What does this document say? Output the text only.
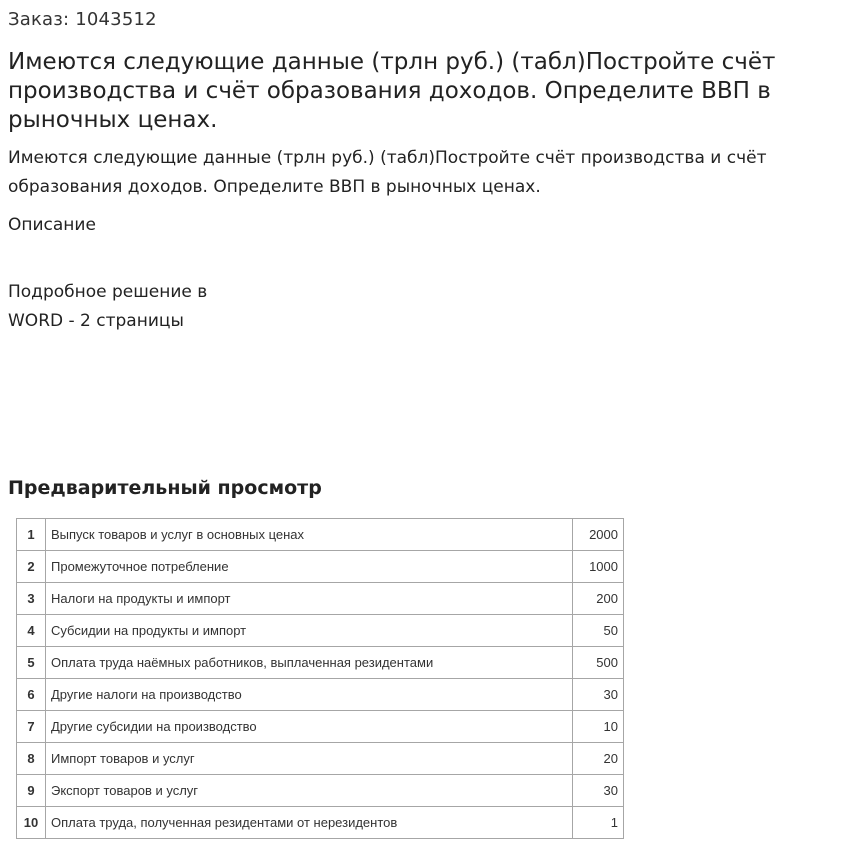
Заказ: 1043512
Имеются следующие данные (трлн руб.) (табл)Постройте счёт производства и счёт образования доходов. Определите ВВП в рыночных ценах.
Имеются следующие данные (трлн руб.) (табл)Постройте счёт производства и счёт образования доходов. Определите ВВП в рыночных ценах.
Описание
Подробное решение в
WORD - 2 страницы
Предварительный просмотр
1	Выпуск товаров и услуг в основных ценах	2000
2	Промежуточное потребление	1000
3	Налоги на продукты и импорт	200
4	Субсидии на продукты и импорт	50
5	Оплата труда наёмных работников, выплаченная резидентами	500
6	Другие налоги на производство	30
7	Другие субсидии на производство	10
8	Импорт товаров и услуг	20
9	Экспорт товаров и услуг	30
10	Оплата труда, полученная резидентами от нерезидентов	1
